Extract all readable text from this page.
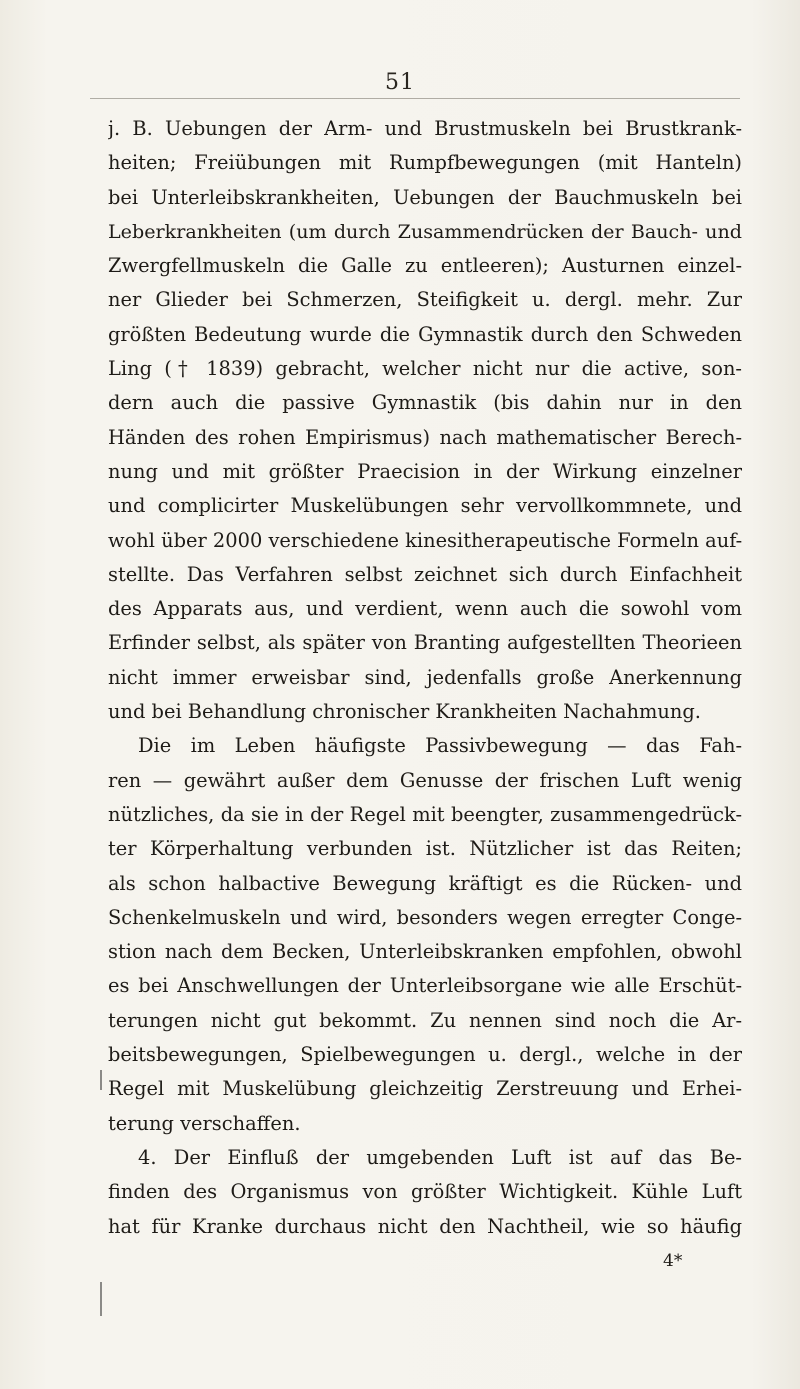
51
j. B. Uebungen der Arm- und Brustmuskeln bei Brustkrank-
heiten; Freiübungen mit Rumpfbewegungen (mit Hanteln)
bei Unterleibskrankheiten, Uebungen der Bauchmuskeln bei
Leberkrankheiten (um durch Zusammendrücken der Bauch- und
Zwergfellmuskeln die Galle zu entleeren); Austurnen einzel-
ner Glieder bei Schmerzen, Steifigkeit u. dergl. mehr. Zur
größten Bedeutung wurde die Gymnastik durch den Schweden
Ling († 1839) gebracht, welcher nicht nur die active, son-
dern auch die passive Gymnastik (bis dahin nur in den
Händen des rohen Empirismus) nach mathematischer Berech-
nung und mit größter Praecision in der Wirkung einzelner
und complicirter Muskelübungen sehr vervollkommnete, und
wohl über 2000 verschiedene kinesitherapeutische Formeln auf-
stellte. Das Verfahren selbst zeichnet sich durch Einfachheit
des Apparats aus, und verdient, wenn auch die sowohl vom
Erfinder selbst, als später von Branting aufgestellten Theorieen
nicht immer erweisbar sind, jedenfalls große Anerkennung
und bei Behandlung chronischer Krankheiten Nachahmung.
Die im Leben häufigste Passivbewegung — das Fah-
ren — gewährt außer dem Genusse der frischen Luft wenig
nützliches, da sie in der Regel mit beengter, zusammengedrück-
ter Körperhaltung verbunden ist. Nützlicher ist das Reiten;
als schon halbactive Bewegung kräftigt es die Rücken- und
Schenkelmuskeln und wird, besonders wegen erregter Conge-
stion nach dem Becken, Unterleibskranken empfohlen, obwohl
es bei Anschwellungen der Unterleibsorgane wie alle Erschüt-
terungen nicht gut bekommt. Zu nennen sind noch die Ar-
beitsbewegungen, Spielbewegungen u. dergl., welche in der
Regel mit Muskelübung gleichzeitig Zerstreuung und Erhei-
terung verschaffen.
4. Der Einfluß der umgebenden Luft ist auf das Be-
finden des Organismus von größter Wichtigkeit. Kühle Luft
hat für Kranke durchaus nicht den Nachtheil, wie so häufig
4*
